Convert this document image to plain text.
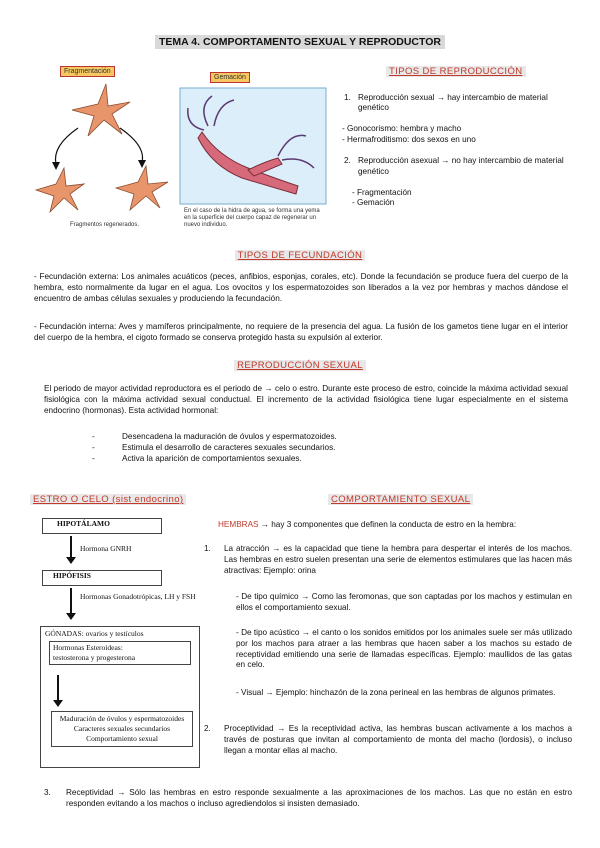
TEMA 4. COMPORTAMENTO SEXUAL Y REPRODUCTOR
Fragmentación
Fragmentos regenerados.
Gemación
En el caso de la hidra de agua, se forma una yema en la superficie del cuerpo capaz de regenerar un nuevo individuo.
TIPOS DE REPRODUCCIÓN
1. Reproducción sexual → hay intercambio de material genético
- Gonocorismo: hembra y macho
- Hermafroditismo: dos sexos en uno
2. Reproducción asexual → no hay intercambio de material genético
- Fragmentación
- Gemación
TIPOS DE FECUNDACIÓN
- Fecundación externa: Los animales acuáticos (peces, anfibios, esponjas, corales, etc). Donde la fecundación se produce fuera del cuerpo de la hembra, esto normalmente da lugar en el agua. Los ovocitos y los espermatozoides son liberados a la vez por hembras y machos dándose el encuentro de ambas células sexuales y produciendo la fecundación.
- Fecundación interna: Aves y mamíferos principalmente, no requiere de la presencia del agua. La fusión de los gametos tiene lugar en el interior del cuerpo de la hembra, el cigoto formado se conserva protegido hasta su expulsión al exterior.
REPRODUCCIÓN SEXUAL
El periodo de mayor actividad reproductora es el periodo de → celo o estro. Durante este proceso de estro, coincide la máxima actividad sexual fisiológica con la máxima actividad sexual conductual. El incremento de la actividad fisiológica tiene lugar especialmente en el sistema endocrino (hormonas). Esta actividad hormonal:
- Desencadena la maduración de óvulos y espermatozoides.
- Estimula el desarrollo de caracteres sexuales secundarios.
- Activa la aparición de comportamientos sexuales.
ESTRO O CELO (sist endocrino)
HIPOTÁLAMO
Hormona GNRH
HIPÓFISIS
Hormonas Gonadotrópicas, LH y FSH
GÓNADAS: ovarios y testículos
Hormonas Esteroideas:
testosterona y progesterona
Maduración de óvulos y espermatozoides
Caracteres sexuales secundarios
Comportamiento sexual
COMPORTAMIENTO SEXUAL
HEMBRAS → hay 3 componentes que definen la conducta de estro en la hembra:
1.	La atracción → es la capacidad que tiene la hembra para despertar el interés de los machos. Las hembras en estro suelen presentan una serie de elementos estimulares que las hacen más atractivas: Ejemplo: orina
- De tipo químico → Como las feromonas, que son captadas por los machos y estimulan en ellos el comportamiento sexual.
- De tipo acústico → el canto o los sonidos emitidos por los animales suele ser más utilizado por los machos para atraer a las hembras que hacen saber a los machos su estado de receptividad emitiendo una serie de llamadas específicas. Ejemplo: maullidos de las gatas en celo.
- Visual → Ejemplo: hinchazón de la zona perineal en las hembras de algunos primates.
2.	Proceptividad → Es la receptividad activa, las hembras buscan activamente a los machos a través de posturas que invitan al comportamiento de monta del macho (lordosis), o incluso llegan a montar ellas al macho.
3.	Receptividad → Sólo las hembras en estro responde sexualmente a las aproximaciones de los machos. Las que no están en estro responden evitando a los machos o incluso agrediendolos si insisten demasiado.
